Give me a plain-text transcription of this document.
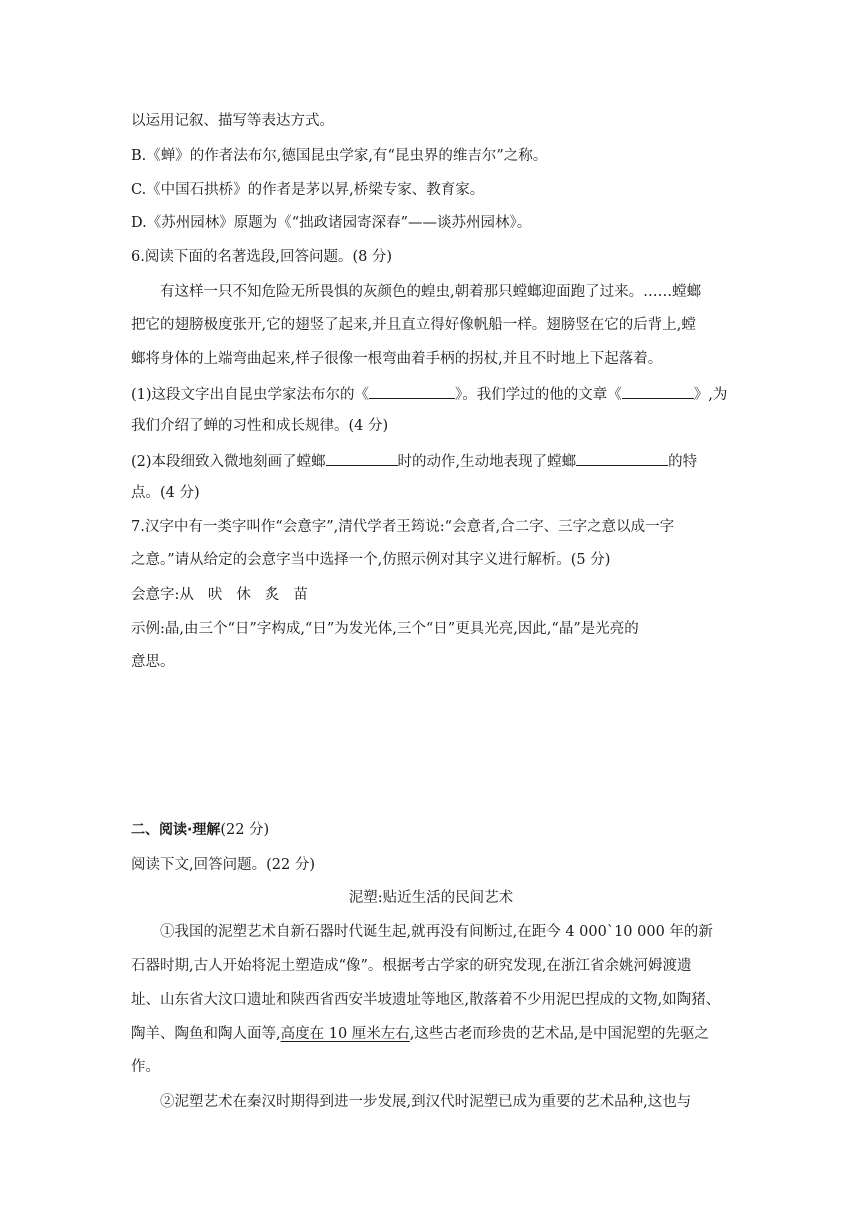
以运用记叙、描写等表达方式。
B.《蝉》的作者法布尔,德国昆虫学家,有“昆虫界的维吉尔”之称。
C.《中国石拱桥》的作者是茅以昇,桥梁专家、教育家。
D.《苏州园林》原题为《“拙政诸园寄深春”——谈苏州园林》。
6.阅读下面的名著选段,回答问题。(8 分)
有这样一只不知危险无所畏惧的灰颜色的蝗虫,朝着那只螳螂迎面跑了过来。……螳螂
把它的翅膀极度张开,它的翅竖了起来,并且直立得好像帆船一样。翅膀竖在它的后背上,螳
螂将身体的上端弯曲起来,样子很像一根弯曲着手柄的拐杖,并且不时地上下起落着。
(1)这段文字出自昆虫学家法布尔的《	》。我们学过的他的文章《	》,为
我们介绍了蝉的习性和成长规律。(4 分)
(2)本段细致入微地刻画了螳螂	时的动作,生动地表现了螳螂	的特
点。(4 分)
7.汉字中有一类字叫作“会意字”,清代学者王筠说:“会意者,合二字、三字之意以成一字
之意。”请从给定的会意字当中选择一个,仿照示例对其字义进行解析。(5 分)
会意字:从 吠 休 炙 苗
示例:晶,由三个“日”字构成,“日”为发光体,三个“日”更具光亮,因此,“晶”是光亮的
意思。
二、阅读·理解(22 分)
阅读下文,回答问题。(22 分)
泥塑:贴近生活的民间艺术
①我国的泥塑艺术自新石器时代诞生起,就再没有间断过,在距今 4 000`10 000 年的新
石器时期,古人开始将泥土塑造成“像”。根据考古学家的研究发现,在浙江省余姚河姆渡遗
址、山东省大汶口遗址和陕西省西安半坡遗址等地区,散落着不少用泥巴捏成的文物,如陶猪、
陶羊、陶鱼和陶人面等,高度在 10 厘米左右,这些古老而珍贵的艺术品,是中国泥塑的先驱之
作。
②泥塑艺术在秦汉时期得到进一步发展,到汉代时泥塑已成为重要的艺术品种,这也与
